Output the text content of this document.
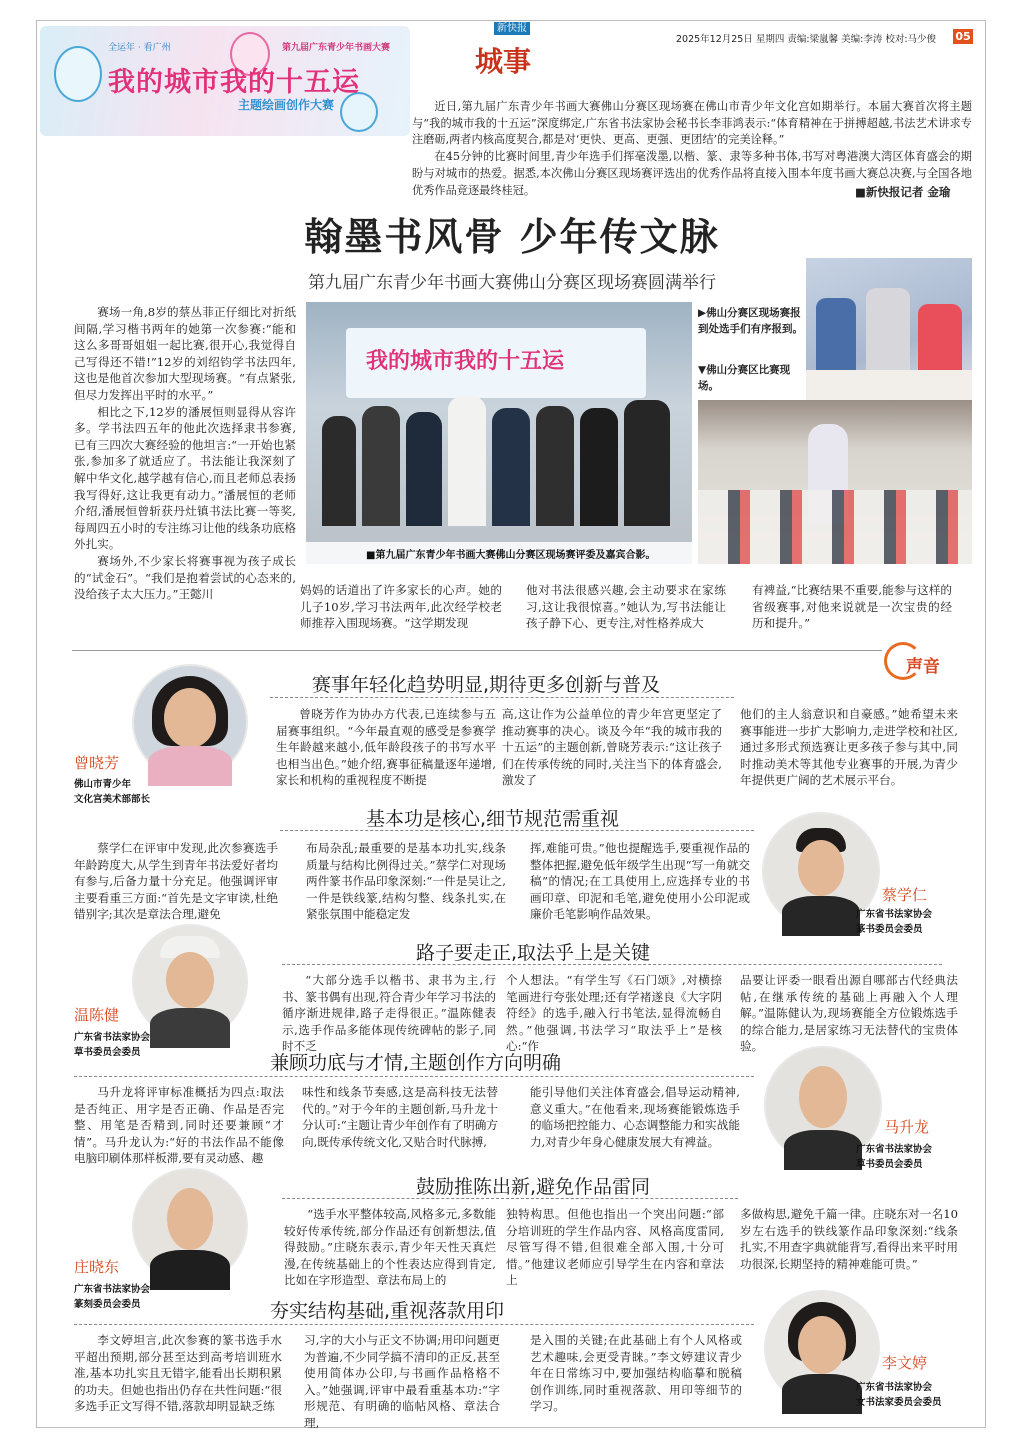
全运年 · 看广州	第九届广东青少年书画大赛
我的城市我的十五运
主题绘画创作大赛
新快报
城事
2025年12月25日 星期四 责编:梁嵐馨 美编:李涛 校对:马少俊 05

近日,第九届广东青少年书画大赛佛山分赛区现场赛在佛山市青少年文化宫如期举行。本届大赛首次将主题与“我的城市我的十五运”深度绑定,广东省书法家协会秘书长李菲鸿表示:“体育精神在于拼搏超越,书法艺术讲求专注磨砺,两者内核高度契合,都是对‘更快、更高、更强、更团结’的完美诠释。”

在45分钟的比赛时间里,青少年选手们挥毫泼墨,以楷、篆、隶等多种书体,书写对粤港澳大湾区体育盛会的期盼与对城市的热爱。据悉,本次佛山分赛区现场赛评选出的优秀作品将直接入围本年度书画大赛总决赛,与全国各地优秀作品竞逐最终桂冠。	■新快报记者 金瑜
翰墨书风骨 少年传文脉
第九届广东青少年书画大赛佛山分赛区现场赛圆满举行

赛场一角,8岁的蔡丛菲正仔细比对折纸间隔,学习楷书两年的她第一次参赛:“能和这么多哥哥姐姐一起比赛,很开心,我觉得自己写得还不错!”12岁的刘绍钧学书法四年,这也是他首次参加大型现场赛。“有点紧张,但尽力发挥出平时的水平。”

相比之下,12岁的潘展恒则显得从容许多。学书法四五年的他此次选择隶书参赛,已有三四次大赛经验的他坦言:“一开始也紧张,参加多了就适应了。书法能让我深刻了解中华文化,越学越有信心,而且老师总表扬我写得好,这让我更有动力。”潘展恒的老师介绍,潘展恒曾斩获丹灶镇书法比赛一等奖,每周四五小时的专注练习让他的线条功底格外扎实。

赛场外,不少家长将赛事视为孩子成长的“试金石”。“我们是抱着尝试的心态来的,没给孩子太大压力。”王懿川

我的城市我的十五运
■第九届广东青少年书画大赛佛山分赛区现场赛评委及嘉宾合影。
▶佛山分赛区现场赛报到处选手们有序报到。
▼佛山分赛区比赛现场。
妈妈的话道出了许多家长的心声。她的儿子10岁,学习书法两年,此次经学校老师推荐入围现场赛。“这学期发现
他对书法很感兴趣,会主动要求在家练习,这让我很惊喜。”她认为,写书法能让孩子静下心、更专注,对性格养成大
有裨益,“比赛结果不重要,能参与这样的省级赛事,对他来说就是一次宝贵的经历和提升。”
声音
赛事年轻化趋势明显,期待更多创新与普及
曾晓芳
佛山市青少年
文化宫美术部部长

曾晓芳作为协办方代表,已连续参与五届赛事组织。“今年最直观的感受是参赛学生年龄越来越小,低年龄段孩子的书写水平也相当出色。”她介绍,赛事征稿量逐年递增,家长和机构的重视程度不断提

高,这让作为公益单位的青少年宫更坚定了推动赛事的决心。谈及今年“我的城市我的十五运”的主题创新,曾晓芳表示:“这让孩子们在传承传统的同时,关注当下的体育盛会,激发了
他们的主人翁意识和自豪感。”她希望未来赛事能进一步扩大影响力,走进学校和社区,通过多形式预选赛让更多孩子参与其中,同时推动美术等其他专业赛事的开展,为青少年提供更广阔的艺术展示平台。
基本功是核心,细节规范需重视
蔡学仁
广东省书法家协会
篆书委员会委员

蔡学仁在评审中发现,此次参赛选手年龄跨度大,从学生到青年书法爱好者均有参与,后备力量十分充足。他强调评审主要看重三方面:“首先是文字审读,杜绝错别字;其次是章法合理,避免

布局杂乱;最重要的是基本功扎实,线条质量与结构比例得过关。”蔡学仁对现场两件篆书作品印象深刻:“一件是吴让之,一件是铁线篆,结构匀整、线条扎实,在紧张氛围中能稳定发
挥,难能可贵。”他也提醒选手,要重视作品的整体把握,避免低年级学生出现“写一角就交稿”的情况;在工具使用上,应选择专业的书画印章、印泥和毛笔,避免使用小公印泥或廉价毛笔影响作品效果。
路子要走正,取法乎上是关键
温陈健
广东省书法家协会
草书委员会委员

“大部分选手以楷书、隶书为主,行书、篆书偶有出现,符合青少年学习书法的循序渐进规律,路子走得很正。”温陈健表示,选手作品多能体现传统碑帖的影子,同时不乏

个人想法。“有学生写《石门颂》,对横捺笔画进行夸张处理;还有学褚遂良《大字阴符经》的选手,融入行书笔法,显得流畅自然。”他强调,书法学习“取法乎上”是核心:“作
品要让评委一眼看出源自哪部古代经典法帖,在继承传统的基础上再融入个人理解。”温陈健认为,现场赛能全方位锻炼选手的综合能力,是居家练习无法替代的宝贵体验。
兼顾功底与才情,主题创作方向明确
马升龙
广东省书法家协会
草书委员会委员

马升龙将评审标准概括为四点:取法是否纯正、用字是否正确、作品是否完整、用笔是否精到,同时还要兼顾“才情”。马升龙认为:“好的书法作品不能像电脑印刷体那样板滞,要有灵动感、趣

味性和线条节奏感,这是高科技无法替代的。”对于今年的主题创新,马升龙十分认可:“主题让青少年创作有了明确方向,既传承传统文化,又贴合时代脉搏,
能引导他们关注体育盛会,倡导运动精神,意义重大。”在他看来,现场赛能锻炼选手的临场把控能力、心态调整能力和实战能力,对青少年身心健康发展大有裨益。
鼓励推陈出新,避免作品雷同
庄晓东
广东省书法家协会
篆刻委员会委员

“选手水平整体较高,风格多元,多数能较好传承传统,部分作品还有创新想法,值得鼓励。”庄晓东表示,青少年天性天真烂漫,在传统基础上的个性表达应得到肯定,比如在字形造型、章法布局上的

独特构思。但他也指出一个突出问题:“部分培训班的学生作品内容、风格高度雷同,尽管写得不错,但很难全部入围,十分可惜。”他建议老师应引导学生在内容和章法上
多做构思,避免千篇一律。庄晓东对一名10岁左右选手的铁线篆作品印象深刻:“线条扎实,不用查字典就能背写,看得出来平时用功很深,长期坚持的精神难能可贵。”
夯实结构基础,重视落款用印
李文婷
广东省书法家协会
女书法家委员会委员

李文婷坦言,此次参赛的篆书选手水平超出预期,部分甚至达到高考培训班水准,基本功扎实且无错字,能看出长期积累的功夫。但她也指出仍存在共性问题:“很多选手正文写得不错,落款却明显缺乏练

习,字的大小与正文不协调;用印问题更为普遍,不少同学搞不清印的正反,甚至使用简体办公印,与书画作品格格不入。”她强调,评审中最看重基本功:“字形规范、有明确的临帖风格、章法合理,
是入围的关键;在此基础上有个人风格或艺术趣味,会更受青睐。”李文婷建议青少年在日常练习中,要加强结构临摹和脱稿创作训练,同时重视落款、用印等细节的学习。
